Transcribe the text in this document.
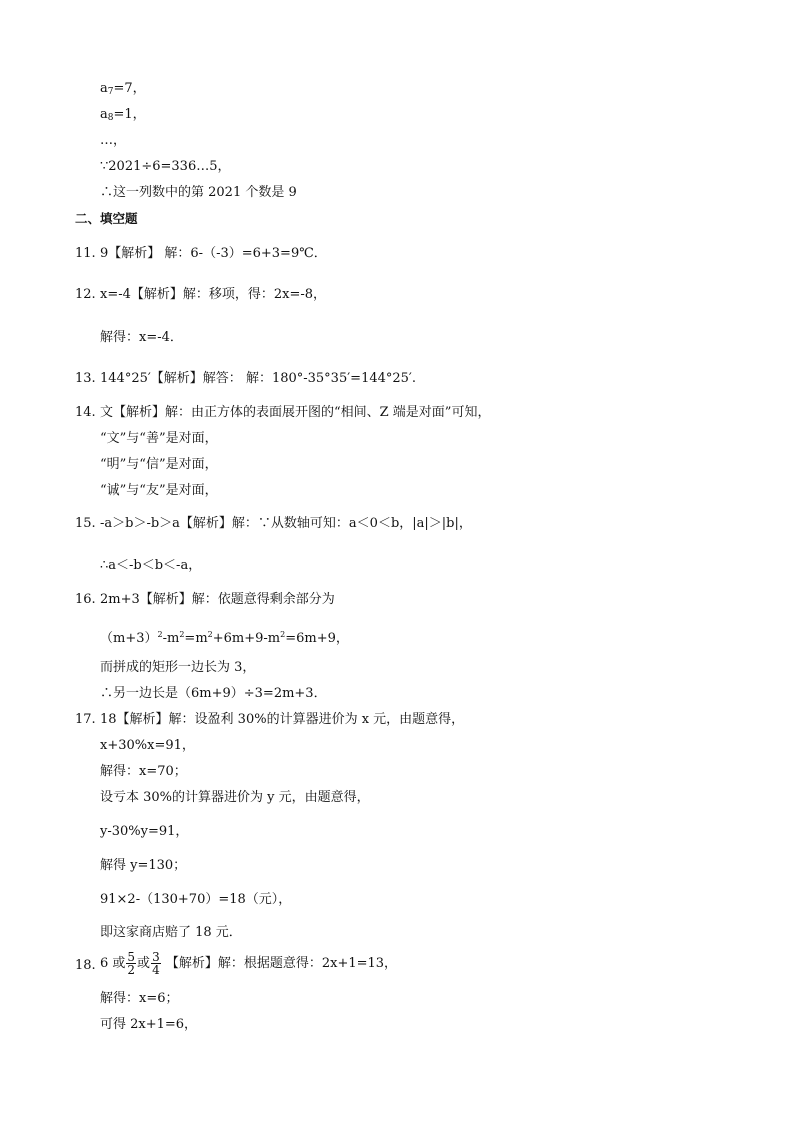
$a_7=7$，
$a_8=1$，
…，
∵2021÷6=336…5，
∴这一列数中的第 2021 个数是 9
二、填空题
11. 9【解析】 解：6-（-3）=6+3=9℃．
12. x=-4【解析】解：移项，得：2x=-8，
解得：x=-4．
13. 144°25′【解析】解答： 解：180°-35°35′=144°25′.
14. 文【解析】解：由正方体的表面展开图的“相间、Z 端是对面”可知，
“文”与“善”是对面，
“明”与“信”是对面，
“诚”与“友”是对面，
15. -a＞b＞-b＞a【解析】解：∵从数轴可知：a＜0＜b，|a|＞|b|，
∴a＜-b＜b＜-a，
16. 2m+3【解析】解：依题意得剩余部分为
$(m+3)^2-m^2=m^2+6m+9-m^2=6m+9$，
而拼成的矩形一边长为 3，
∴另一边长是（6m+9）÷3=2m+3．
17. 18【解析】解：设盈利 30%的计算器进价为 x 元，由题意得，
x+30%x=91，
解得：x=70；
设亏本 30%的计算器进价为 y 元，由题意得，
y-30%y=91，
解得 y=130；
91×2-（130+70）=18（元），
即这家商店赔了 18 元．
18. 6 或 $\frac{5}{2}$ 或 $\frac{3}{4}$ 【解析】解：根据题意得：2x+1=13，
解得：x=6；
可得 2x+1=6，
